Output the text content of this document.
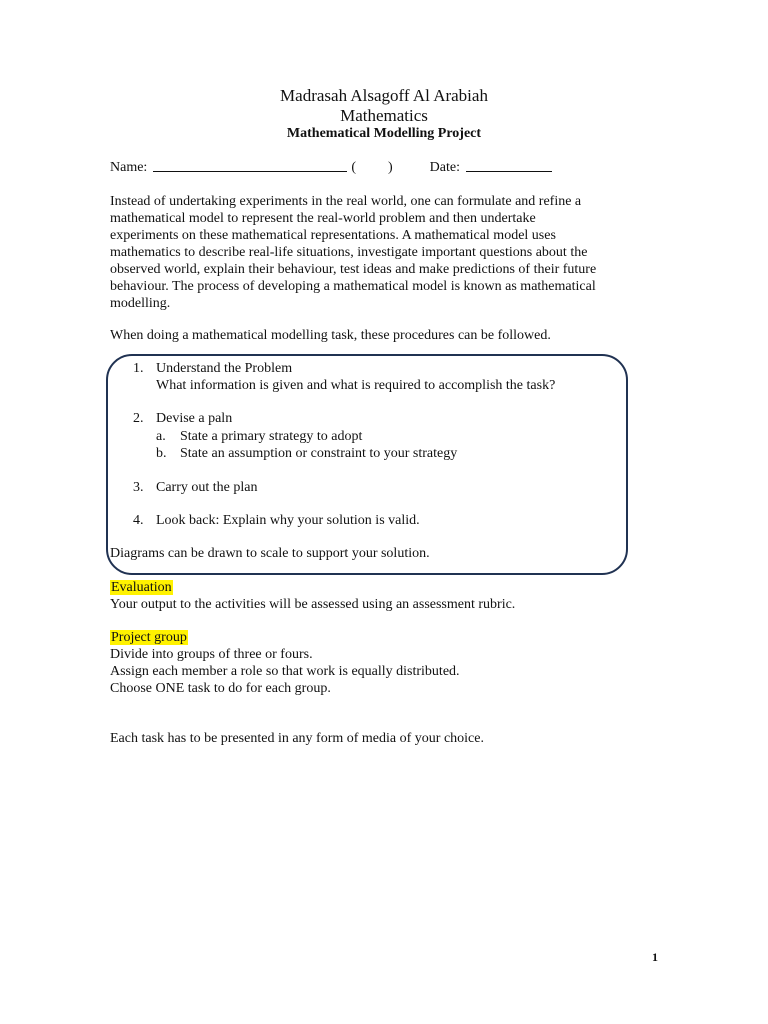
Madrasah Alsagoff Al Arabiah
Mathematics
Mathematical Modelling Project
Name:	( )	Date:
Instead of undertaking experiments in the real world, one can formulate and refine a
mathematical model to represent the real-world problem and then undertake
experiments on these mathematical representations. A mathematical model uses
mathematics to describe real-life situations, investigate important questions about the
observed world, explain their behaviour, test ideas and make predictions of their future
behaviour. The process of developing a mathematical model is known as mathematical
modelling.
When doing a mathematical modelling task, these procedures can be followed.
1. Understand the Problem
What information is given and what is required to accomplish the task?
2. Devise a paln
a. State a primary strategy to adopt
b. State an assumption or constraint to your strategy
3. Carry out the plan
4. Look back: Explain why your solution is valid.
Diagrams can be drawn to scale to support your solution.
Evaluation
Your output to the activities will be assessed using an assessment rubric.
Project group
Divide into groups of three or fours.
Assign each member a role so that work is equally distributed.
Choose ONE task to do for each group.
Each task has to be presented in any form of media of your choice.
1
